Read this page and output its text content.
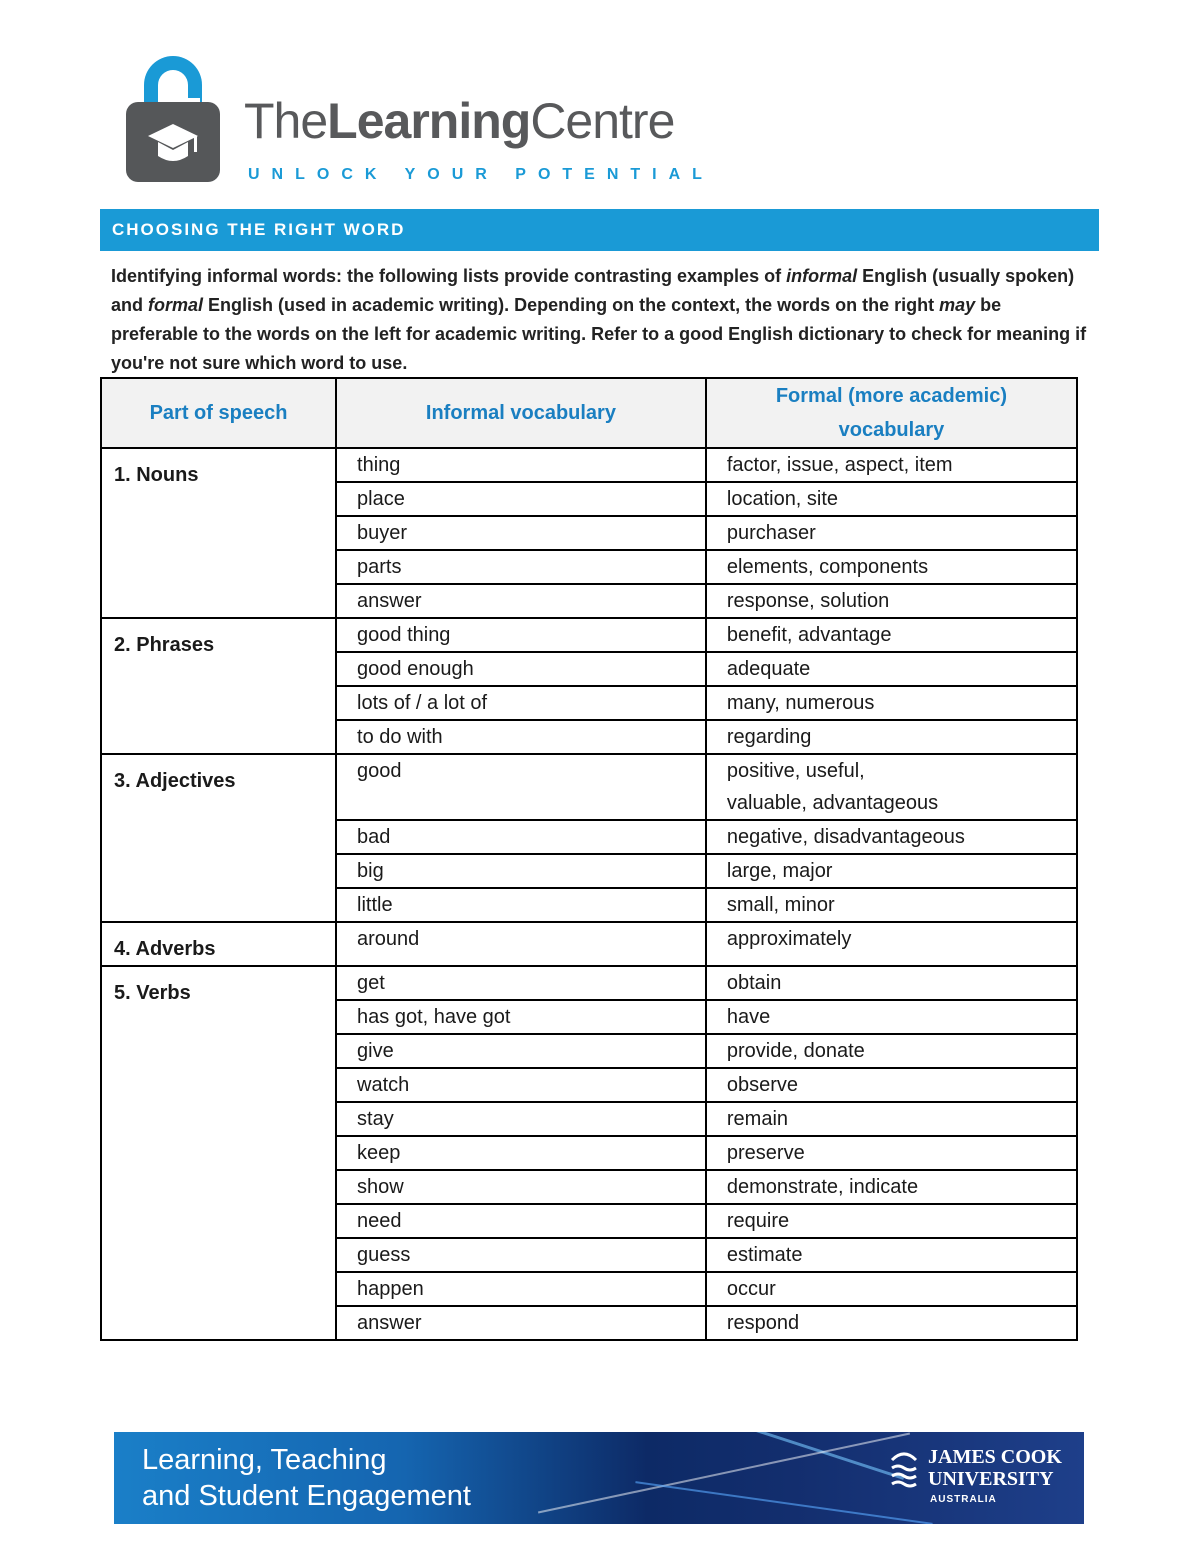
TheLearningCentre
UNLOCK YOUR POTENTIAL
CHOOSING THE RIGHT WORD
Identifying informal words: the following lists provide contrasting examples of informal English (usually spoken) and formal English (used in academic writing). Depending on the context, the words on the right may be preferable to the words on the left for academic writing. Refer to a good English dictionary to check for meaning if you're not sure which word to use.
Part of speech	Informal vocabulary	Formal (more academic) vocabulary

1. Nouns	thing	factor, issue, aspect, item
	place	location, site
	buyer	purchaser
	parts	elements, components
	answer	response, solution
2. Phrases	good thing	benefit, advantage
	good enough	adequate
	lots of / a lot of	many, numerous
	to do with	regarding
3. Adjectives	good	positive, useful,
valuable, advantageous
	bad	negative, disadvantageous
	big	large, major
	little	small, minor
4. Adverbs	around	approximately
5. Verbs	get	obtain
	has got, have got	have
	give	provide, donate
	watch	observe
	stay	remain
	keep	preserve
	show	demonstrate, indicate
	need	require
	guess	estimate
	happen	occur
	answer	respond
Learning, Teaching
and Student Engagement
JAMES COOK
UNIVERSITY
AUSTRALIA
